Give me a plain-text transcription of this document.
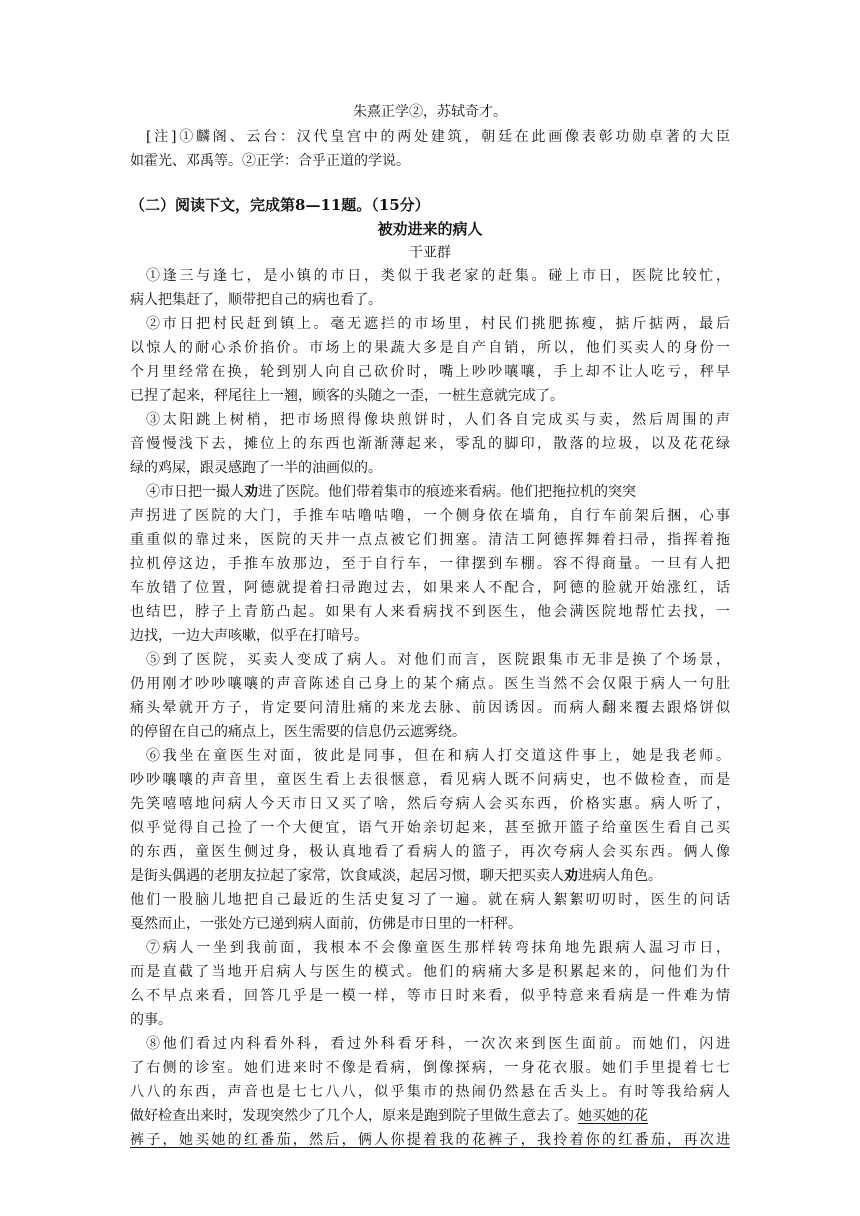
朱熹正学②，苏轼奇才。
[注]①麟阁、云台：汉代皇宫中的两处建筑，朝廷在此画像表彰功勋卓著的大臣
如霍光、邓禹等。②正学：合乎正道的学说。
（二）阅读下文，完成第8—11题。（15分）
被劝进来的病人
干亚群
①逢三与逢七，是小镇的市日，类似于我老家的赶集。碰上市日，医院比较忙，
病人把集赶了，顺带把自己的病也看了。
②市日把村民赶到镇上。毫无遮拦的市场里，村民们挑肥拣瘦，掂斤掂两，最后
以惊人的耐心杀价掐价。市场上的果蔬大多是自产自销，所以，他们买卖人的身份一
个月里经常在换，轮到别人向自己砍价时，嘴上吵吵嚷嚷，手上却不让人吃亏，秤早
已捏了起来，秤尾往上一翘，顾客的头随之一歪，一桩生意就完成了。
③太阳跳上树梢，把市场照得像块煎饼时，人们各自完成买与卖，然后周围的声
音慢慢浅下去，摊位上的东西也渐渐薄起来，零乱的脚印，散落的垃圾，以及花花绿
绿的鸡屎，跟灵感跑了一半的油画似的。
④市日把一撮人劝进了医院。他们带着集市的痕迹来看病。他们把拖拉机的突突
声拐进了医院的大门，手推车咕噜咕噜，一个侧身依在墙角，自行车前架后捆，心事
重重似的靠过来，医院的天井一点点被它们拥塞。清洁工阿德挥舞着扫帚，指挥着拖
拉机停这边，手推车放那边，至于自行车，一律摆到车棚。容不得商量。一旦有人把
车放错了位置，阿德就提着扫帚跑过去，如果来人不配合，阿德的脸就开始涨红，话
也结巴，脖子上青筋凸起。如果有人来看病找不到医生，他会满医院地帮忙去找，一
边找，一边大声咳嗽，似乎在打暗号。
⑤到了医院，买卖人变成了病人。对他们而言，医院跟集市无非是换了个场景，
仍用刚才吵吵嚷嚷的声音陈述自己身上的某个痛点。医生当然不会仅限于病人一句肚
痛头晕就开方子，肯定要问清肚痛的来龙去脉、前因诱因。而病人翻来覆去跟烙饼似
的停留在自己的痛点上，医生需要的信息仍云遮雾绕。
⑥我坐在童医生对面，彼此是同事，但在和病人打交道这件事上，她是我老师。
吵吵嚷嚷的声音里，童医生看上去很惬意，看见病人既不问病史，也不做检查，而是
先笑嘻嘻地问病人今天市日又买了啥，然后夸病人会买东西，价格实惠。病人听了，
似乎觉得自己捡了一个大便宜，语气开始亲切起来，甚至掀开篮子给童医生看自己买
的东西，童医生侧过身，极认真地看了看病人的篮子，再次夸病人会买东西。俩人像
是街头偶遇的老朋友拉起了家常，饮食咸淡，起居习惯，聊天把买卖人劝进病人角色。
他们一股脑儿地把自己最近的生活史复习了一遍。就在病人絮絮叨叨时，医生的问话
戛然而止，一张处方已递到病人面前，仿佛是市日里的一杆秤。
⑦病人一坐到我前面，我根本不会像童医生那样转弯抹角地先跟病人温习市日，
而是直截了当地开启病人与医生的模式。他们的病痛大多是积累起来的，问他们为什
么不早点来看，回答几乎是一模一样，等市日时来看，似乎特意来看病是一件难为情
的事。
⑧他们看过内科看外科，看过外科看牙科，一次次来到医生面前。而她们，闪进
了右侧的诊室。她们进来时不像是看病，倒像探病，一身花衣服。她们手里提着七七
八八的东西，声音也是七七八八，似乎集市的热闹仍然悬在舌头上。有时等我给病人
做好检查出来时，发现突然少了几个人，原来是跑到院子里做生意去了。她买她的花
裤子，她买她的红番茄，然后，俩人你提着我的花裤子，我拎着你的红番茄，再次进
